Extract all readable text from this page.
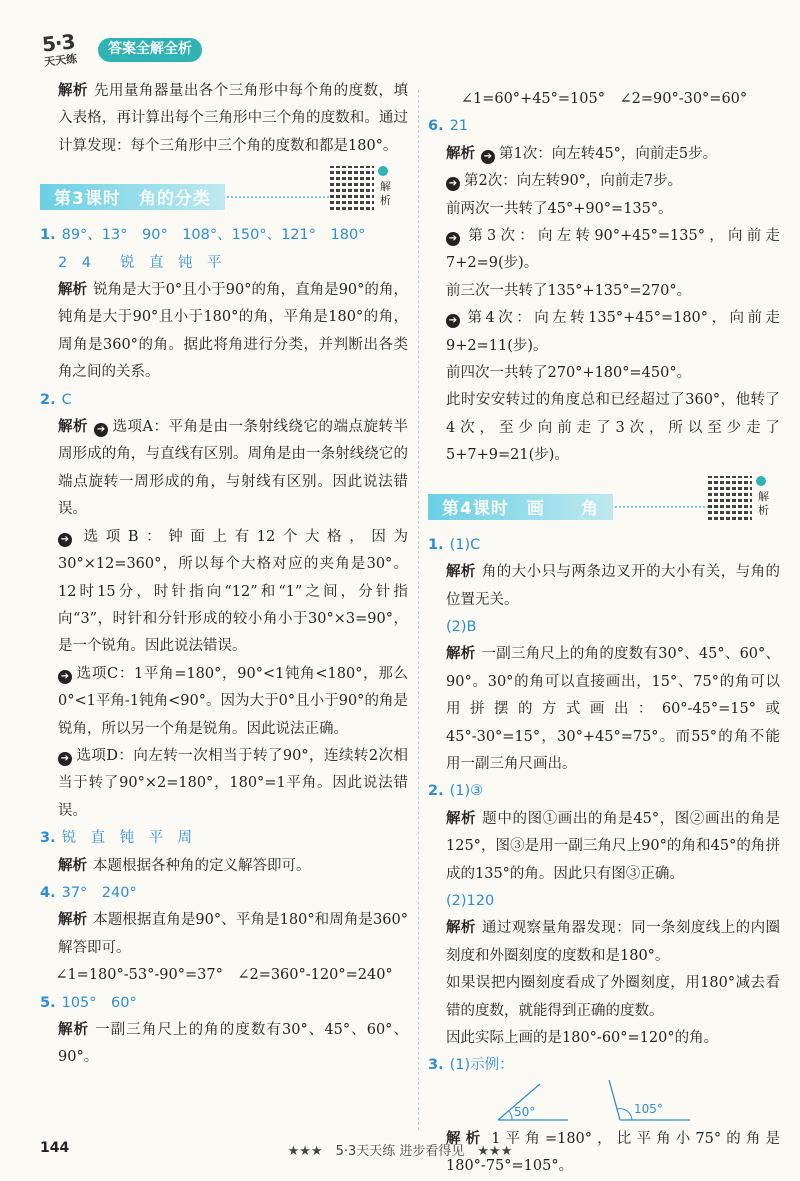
5·3
天天练
答案全解全析

解析 先用量角器量出各个三角形中每个角的度数，填入表格，再计算出每个三角形中三个角的度数和。通过计算发现：每个三角形中三个角的度数和都是180°。

第3课时　角的分类
解析

1. 89°、13°　90°　108°、150°、121°　180°

2　4　　锐　直　钝　平

解析 锐角是大于0°且小于90°的角，直角是90°的角，钝角是大于90°且小于180°的角，平角是180°的角，周角是360°的角。据此将角进行分类，并判断出各类角之间的关系。

2. C

解析 ➔ 选项A：平角是由一条射线绕它的端点旋转半周形成的角，与直线有区别。周角是由一条射线绕它的端点旋转一周形成的角，与射线有区别。因此说法错误。

➔ 选项B：钟面上有12个大格，因为30°×12=360°，所以每个大格对应的夹角是30°。12时15分，时针指向“12”和“1”之间，分针指向“3”，时针和分针形成的较小角小于30°×3=90°，是一个锐角。因此说法错误。

➔ 选项C：1平角=180°，90°<1钝角<180°，那么0°<1平角-1钝角<90°。因为大于0°且小于90°的角是锐角，所以另一个角是锐角。因此说法正确。

➔ 选项D：向左转一次相当于转了90°，连续转2次相当于转了90°×2=180°，180°=1平角。因此说法错误。

3. 锐　直　钝　平　周

解析 本题根据各种角的定义解答即可。

4. 37°　240°

解析 本题根据直角是90°、平角是180°和周角是360°解答即可。

∠1=180°-53°-90°=37°　∠2=360°-120°=240°

5. 105°　60°

解析 一副三角尺上的角的度数有30°、45°、60°、90°。

∠1=60°+45°=105°　∠2=90°-30°=60°

6. 21

解析 ➔ 第1次：向左转45°，向前走5步。

➔ 第2次：向左转90°，向前走7步。

前两次一共转了45°+90°=135°。

➔ 第3次：向左转90°+45°=135°，向前走7+2=9(步)。

前三次一共转了135°+135°=270°。

➔ 第4次：向左转135°+45°=180°，向前走9+2=11(步)。

前四次一共转了270°+180°=450°。

此时安安转过的角度总和已经超过了360°，他转了4次，至少向前走了3次，所以至少走了5+7+9=21(步)。

第4课时　画　　角
解析

1. (1)C

解析 角的大小只与两条边叉开的大小有关，与角的位置无关。

(2)B

解析 一副三角尺上的角的度数有30°、45°、60°、90°。30°的角可以直接画出，15°、75°的角可以用拼摆的方式画出：60°-45°=15°或45°-30°=15°，30°+45°=75°。而55°的角不能用一副三角尺画出。

2. (1)③

解析 题中的图①画出的角是45°，图②画出的角是125°，图③是用一副三角尺上90°的角和45°的角拼成的135°的角。因此只有图③正确。

(2)120

解析 通过观察量角器发现：同一条刻度线上的内圈刻度和外圈刻度的度数和是180°。

如果误把内圈刻度看成了外圈刻度，用180°减去看错的度数，就能得到正确的度数。

因此实际上画的是180°-60°=120°的角。

3. (1)示例：

50°	105°

解析 1平角=180°，比平角小75°的角是180°-75°=105°。

★★★　5·3天天练 进步看得见　★★★
144
